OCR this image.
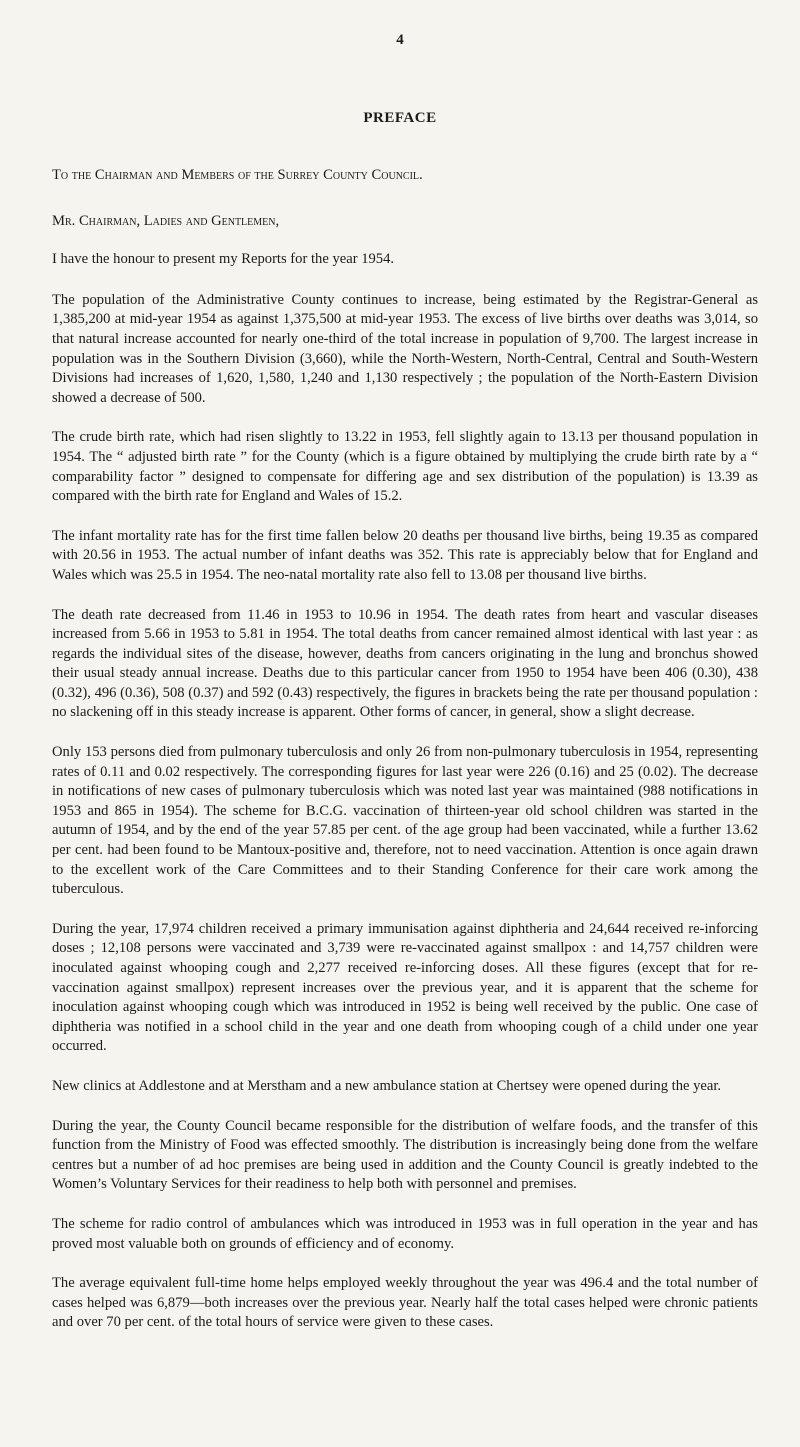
4
PREFACE

To the Chairman and Members of the Surrey County Council.

Mr. Chairman, Ladies and Gentlemen,

I have the honour to present my Reports for the year 1954.

The population of the Administrative County continues to increase, being estimated by the Registrar-General as 1,385,200 at mid-year 1954 as against 1,375,500 at mid-year 1953. The excess of live births over deaths was 3,014, so that natural increase accounted for nearly one-third of the total increase in population of 9,700. The largest increase in population was in the Southern Division (3,660), while the North-Western, North-Central, Central and South-Western Divisions had increases of 1,620, 1,580, 1,240 and 1,130 respectively ; the population of the North-Eastern Division showed a decrease of 500.

The crude birth rate, which had risen slightly to 13.22 in 1953, fell slightly again to 13.13 per thousand population in 1954. The “ adjusted birth rate ” for the County (which is a figure obtained by multiplying the crude birth rate by a “ comparability factor ” designed to compensate for differing age and sex distribution of the population) is 13.39 as compared with the birth rate for England and Wales of 15.2.

The infant mortality rate has for the first time fallen below 20 deaths per thousand live births, being 19.35 as compared with 20.56 in 1953. The actual number of infant deaths was 352. This rate is appreciably below that for England and Wales which was 25.5 in 1954. The neo-natal mortality rate also fell to 13.08 per thousand live births.

The death rate decreased from 11.46 in 1953 to 10.96 in 1954. The death rates from heart and vascular diseases increased from 5.66 in 1953 to 5.81 in 1954. The total deaths from cancer remained almost identical with last year : as regards the individual sites of the disease, however, deaths from cancers originating in the lung and bronchus showed their usual steady annual increase. Deaths due to this particular cancer from 1950 to 1954 have been 406 (0.30), 438 (0.32), 496 (0.36), 508 (0.37) and 592 (0.43) respectively, the figures in brackets being the rate per thousand population : no slackening off in this steady increase is apparent. Other forms of cancer, in general, show a slight decrease.

Only 153 persons died from pulmonary tuberculosis and only 26 from non-pulmonary tuberculosis in 1954, representing rates of 0.11 and 0.02 respectively. The corresponding figures for last year were 226 (0.16) and 25 (0.02). The decrease in notifications of new cases of pulmonary tuberculosis which was noted last year was maintained (988 notifications in 1953 and 865 in 1954). The scheme for B.C.G. vaccination of thirteen-year old school children was started in the autumn of 1954, and by the end of the year 57.85 per cent. of the age group had been vaccinated, while a further 13.62 per cent. had been found to be Mantoux-positive and, therefore, not to need vaccination. Attention is once again drawn to the excellent work of the Care Committees and to their Standing Conference for their care work among the tuberculous.

During the year, 17,974 children received a primary immunisation against diphtheria and 24,644 received re-inforcing doses ; 12,108 persons were vaccinated and 3,739 were re-vaccinated against smallpox : and 14,757 children were inoculated against whooping cough and 2,277 received re-inforcing doses. All these figures (except that for re-vaccination against smallpox) represent increases over the previous year, and it is apparent that the scheme for inoculation against whooping cough which was introduced in 1952 is being well received by the public. One case of diphtheria was notified in a school child in the year and one death from whooping cough of a child under one year occurred.

New clinics at Addlestone and at Merstham and a new ambulance station at Chertsey were opened during the year.

During the year, the County Council became responsible for the distribution of welfare foods, and the transfer of this function from the Ministry of Food was effected smoothly. The distribution is increasingly being done from the welfare centres but a number of ad hoc premises are being used in addition and the County Council is greatly indebted to the Women’s Voluntary Services for their readiness to help both with personnel and premises.

The scheme for radio control of ambulances which was introduced in 1953 was in full operation in the year and has proved most valuable both on grounds of efficiency and of economy.

The average equivalent full-time home helps employed weekly throughout the year was 496.4 and the total number of cases helped was 6,879—both increases over the previous year. Nearly half the total cases helped were chronic patients and over 70 per cent. of the total hours of service were given to these cases.
